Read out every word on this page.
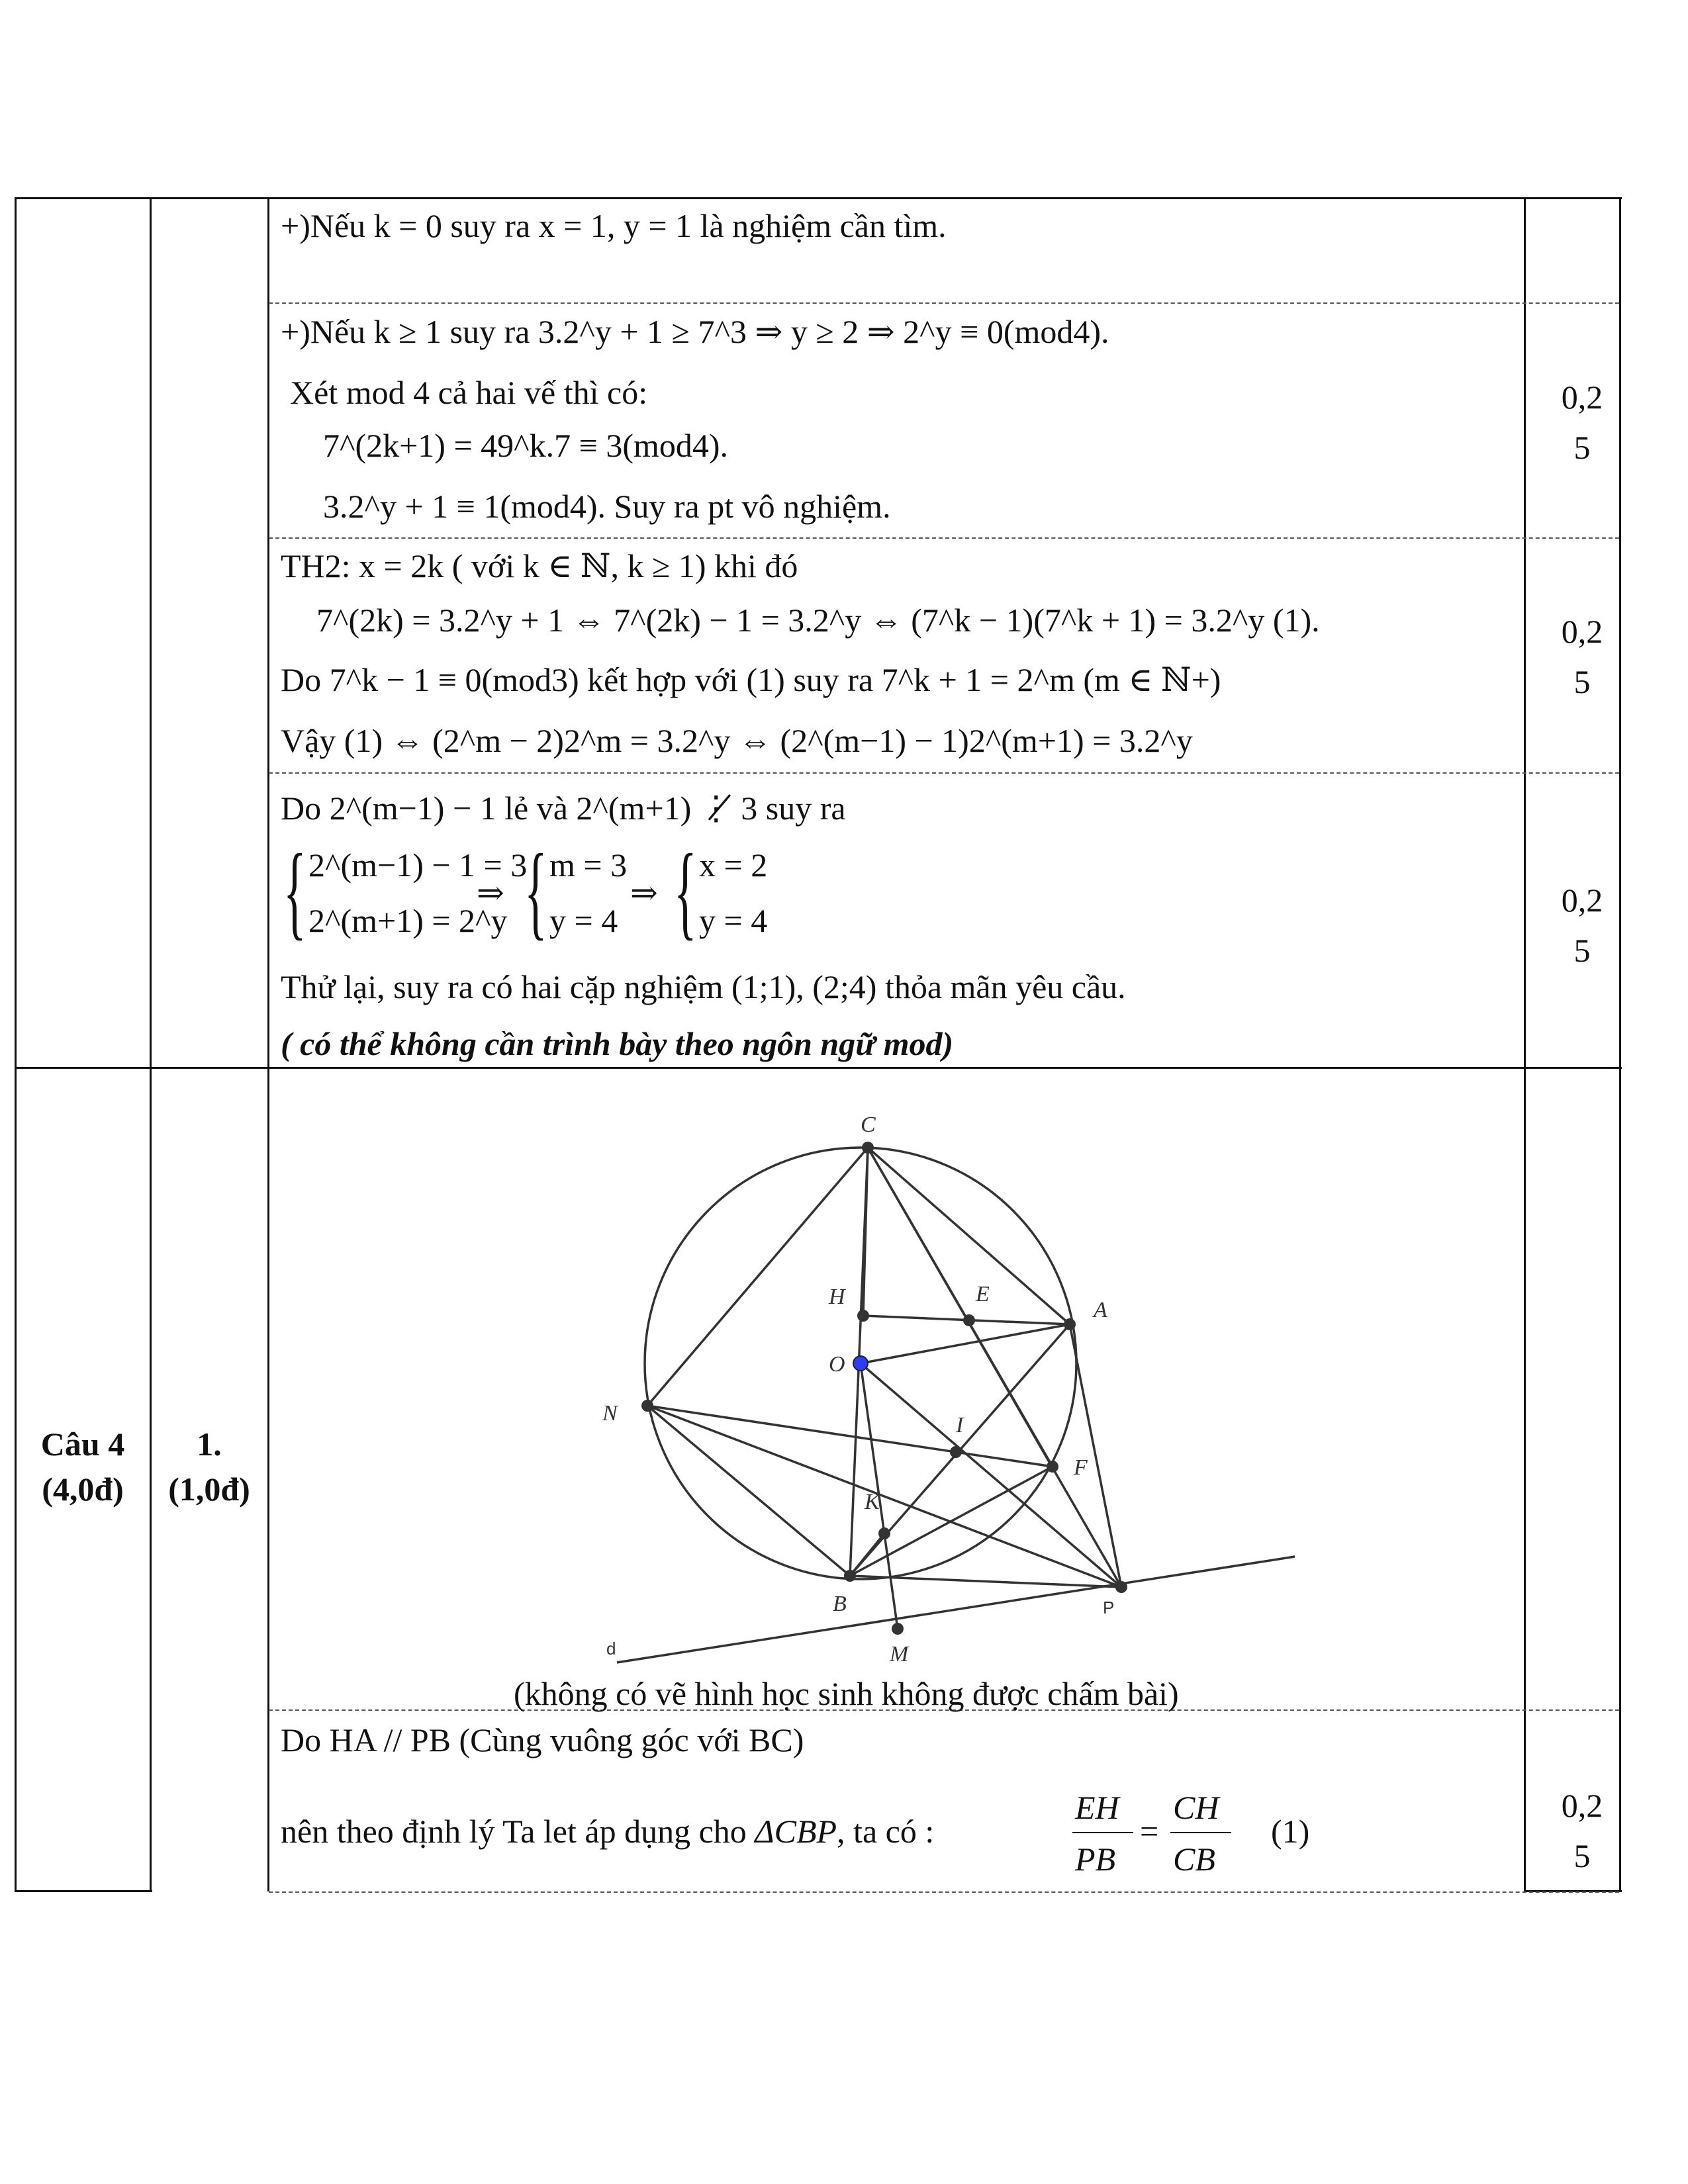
+)Nếu k = 0 suy ra x = 1, y = 1 là nghiệm cần tìm.
+)Nếu k ≥ 1 suy ra 3.2^y + 1 ≥ 7^3 ⇒ y ≥ 2 ⇒ 2^y ≡ 0(mod4).
Xét mod 4 cả hai vế thì có:
7^(2k+1) = 49^k.7 ≡ 3(mod4).
3.2^y + 1 ≡ 1(mod4). Suy ra pt vô nghiệm.
0,2
5
TH2: x = 2k ( với k ∈ ℕ, k ≥ 1) khi đó
7^(2k) = 3.2^y + 1 ⇔ 7^(2k) − 1 = 3.2^y ⇔ (7^k − 1)(7^k + 1) = 3.2^y (1).
Do 7^k − 1 ≡ 0(mod3) kết hợp với (1) suy ra 7^k + 1 = 2^m (m ∈ ℕ+)
Vậy (1) ⇔ (2^m − 2)2^m = 3.2^y ⇔ (2^(m−1) − 1)2^(m+1) = 3.2^y
0,2
5
Do 2^(m−1) − 1 lẻ và 2^(m+1) ⋮̸ 3 suy ra
{ 2^(m−1) − 1 = 3
2^(m+1) = 2^y
⇒ { m = 3
y = 4
⇒ { x = 2
y = 4
Thử lại, suy ra có hai cặp nghiệm (1;1), (2;4) thỏa mãn yêu cầu.
( có thể không cần trình bày theo ngôn ngữ mod)
0,2
5
Câu 4
(4,0đ)
1.
(1,0đ)
C
H	E
A
O
N	I
F
K
B
M
P
d
(không có vẽ hình học sinh không được chấm bài)
Do HA // PB (Cùng vuông góc với BC)
nên theo định lý Ta let áp dụng cho ΔCBP, ta có :
EH
PB
=
CH
CB
(1)
0,2
5
